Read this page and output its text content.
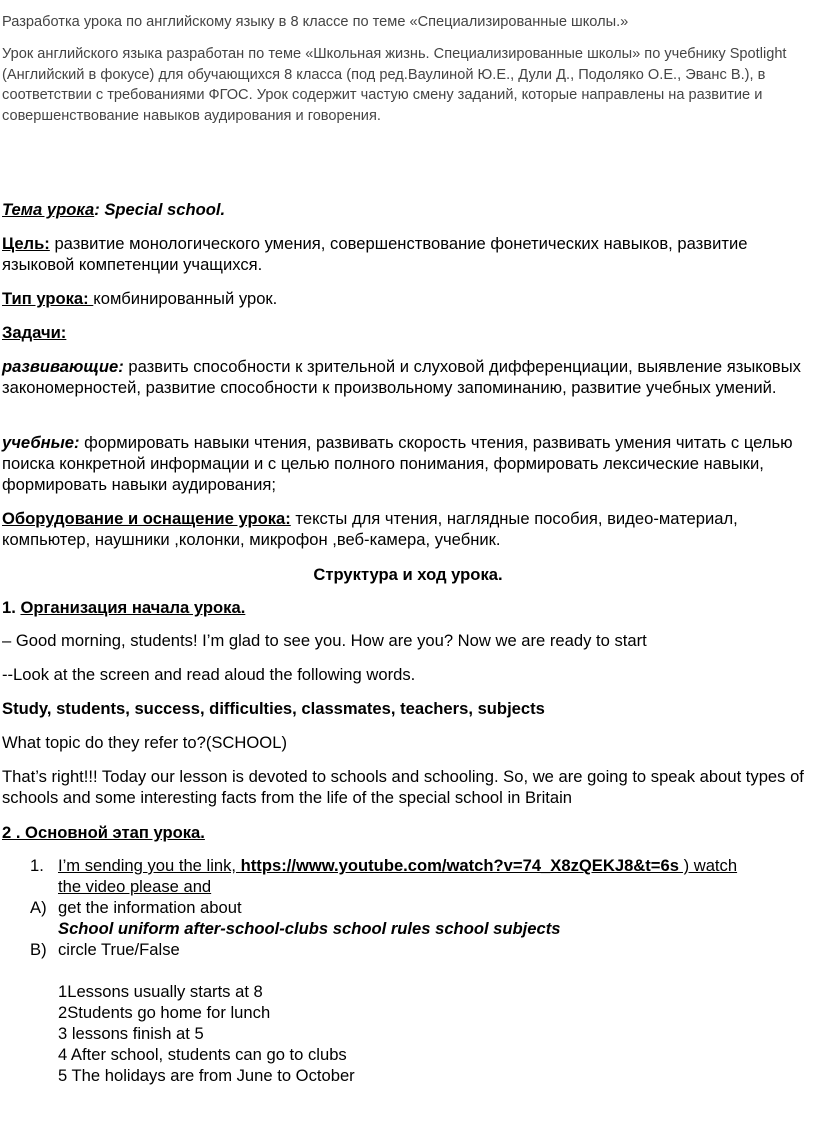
Разработка урока по английскому языку в 8 классе по теме «Специализированные школы.»
Урок английского языка разработан по теме «Школьная жизнь. Специализированные школы» по учебнику Spotlight (Английский в фокусе) для обучающихся 8 класса (под ред.Ваулиной Ю.Е., Дули Д., Подоляко О.Е., Эванс В.), в соответствии с требованиями ФГОС. Урок содержит частую смену заданий, которые направлены на развитие и совершенствование навыков аудирования и говорения.
Тема урока: Special school.
Цель: развитие монологического умения, совершенствование фонетических навыков, развитие языковой компетенции учащихся.
Тип урока: комбинированный урок.
Задачи:
развивающие: развить способности к зрительной и слуховой дифференциации, выявление языковых закономерностей, развитие способности к произвольному запоминанию, развитие учебных умений.
учебные: формировать навыки чтения, развивать скорость чтения, развивать умения читать с целью поиска конкретной информации и с целью полного понимания, формировать лексические навыки, формировать навыки аудирования;
Оборудование и оснащение урока: тексты для чтения, наглядные пособия, видео-материал, компьютер, наушники ,колонки, микрофон ,веб-камера, учебник.
Структура и ход урока.
1. Организация начала урока.
– Good morning, students! I’m glad to see you. How are you? Now we are ready to start
--Look at the screen and read aloud the following words.
Study, students, success, difficulties, classmates, teachers, subjects
What topic do they refer to?(SCHOOL)
That’s right!!! Today our lesson is devoted to schools and schooling. So, we are going to speak about types of schools and some interesting facts from the life of the special school in Britain
2 . Основной этап урока.
1. I’m sending you the link, https://www.youtube.com/watch?v=74_X8zQEKJ8&t=6s ) watch
the video please and
A) get the information about
School uniform after-school-clubs school rules school subjects
B) circle True/False
1Lessons usually starts at 8
2Students go home for lunch
3 lessons finish at 5
4 After school, students can go to clubs
5 The holidays are from June to October
